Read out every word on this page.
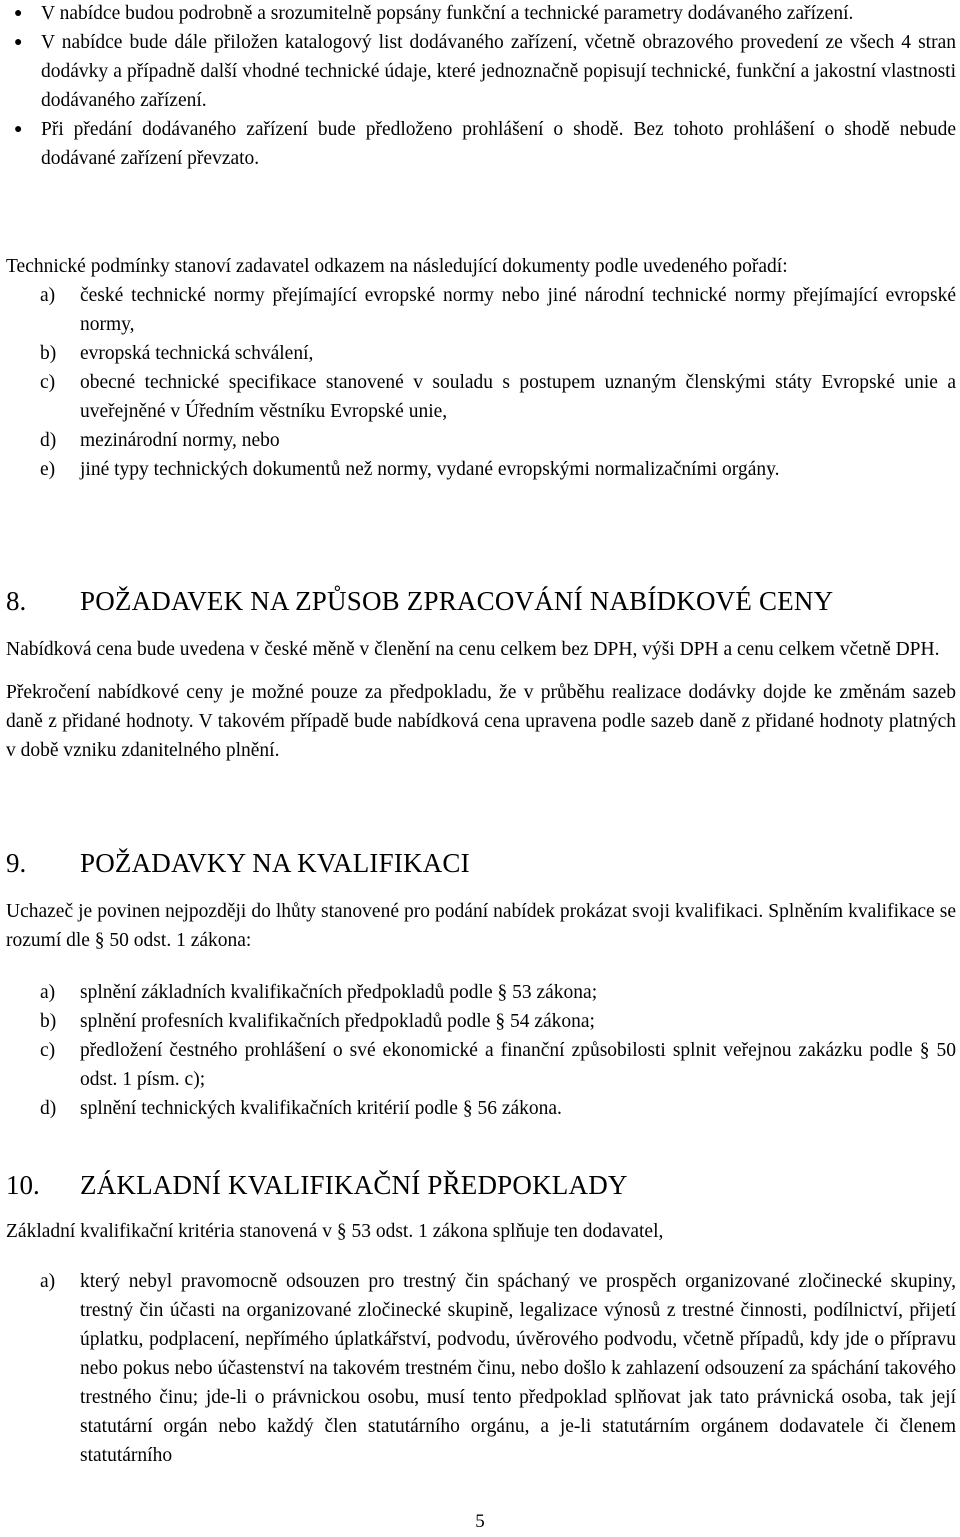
● V nabídce budou podrobně a srozumitelně popsány funkční a technické parametry dodávaného zařízení.
● V nabídce bude dále přiložen katalogový list dodávaného zařízení, včetně obrazového provedení ze všech 4 stran dodávky a případně další vhodné technické údaje, které jednoznačně popisují technické, funkční a jakostní vlastnosti dodávaného zařízení.
● Při předání dodávaného zařízení bude předloženo prohlášení o shodě. Bez tohoto prohlášení o shodě nebude dodávané zařízení převzato.

Technické podmínky stanoví zadavatel odkazem na následující dokumenty podle uvedeného pořadí:

a) české technické normy přejímající evropské normy nebo jiné národní technické normy přejímající evropské normy,
b) evropská technická schválení,
c) obecné technické specifikace stanovené v souladu s postupem uznaným členskými státy Evropské unie a uveřejněné v Úředním věstníku Evropské unie,
d) mezinárodní normy, nebo
e) jiné typy technických dokumentů než normy, vydané evropskými normalizačními orgány.
8. POŽADAVEK NA ZPŮSOB ZPRACOVÁNÍ NABÍDKOVÉ CENY

Nabídková cena bude uvedena v české měně v členění na cenu celkem bez DPH, výši DPH a cenu celkem včetně DPH.

Překročení nabídkové ceny je možné pouze za předpokladu, že v průběhu realizace dodávky dojde ke změnám sazeb daně z přidané hodnoty. V takovém případě bude nabídková cena upravena podle sazeb daně z přidané hodnoty platných v době vzniku zdanitelného plnění.

9. POŽADAVKY NA KVALIFIKACI

Uchazeč je povinen nejpozději do lhůty stanovené pro podání nabídek prokázat svoji kvalifikaci. Splněním kvalifikace se rozumí dle § 50 odst. 1 zákona:

a) splnění základních kvalifikačních předpokladů podle § 53 zákona;
b) splnění profesních kvalifikačních předpokladů podle § 54 zákona;
c) předložení čestného prohlášení o své ekonomické a finanční způsobilosti splnit veřejnou zakázku podle § 50 odst. 1 písm. c);
d) splnění technických kvalifikačních kritérií podle § 56 zákona.
10. ZÁKLADNÍ KVALIFIKAČNÍ PŘEDPOKLADY

Základní kvalifikační kritéria stanovená v § 53 odst. 1 zákona splňuje ten dodavatel,

a) který nebyl pravomocně odsouzen pro trestný čin spáchaný ve prospěch organizované zločinecké skupiny, trestný čin účasti na organizované zločinecké skupině, legalizace výnosů z trestné činnosti, podílnictví, přijetí úplatku, podplacení, nepřímého úplatkářství, podvodu, úvěrového podvodu, včetně případů, kdy jde o přípravu nebo pokus nebo účastenství na takovém trestném činu, nebo došlo k zahlazení odsouzení za spáchání takového trestného činu; jde-li o právnickou osobu, musí tento předpoklad splňovat jak tato právnická osoba, tak její statutární orgán nebo každý člen statutárního orgánu, a je-li statutárním orgánem dodavatele či členem statutárního
5
